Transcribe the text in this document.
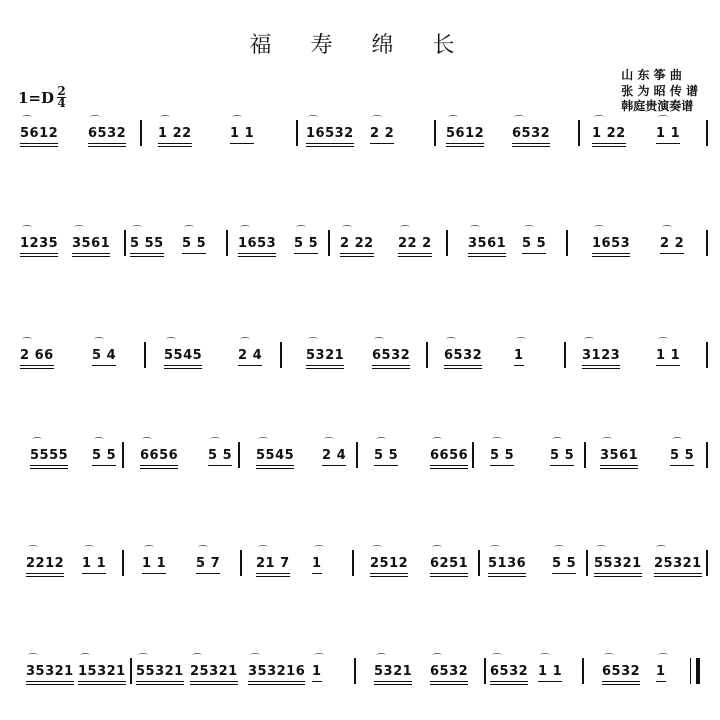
福 寿 绵 长
$1=D \frac{2}{4}$
山 东 筝 曲
张 为 昭 传 谱
韩庭贵演奏谱
⌒
5612
⌒
6532
⌒
1 22
⌒
1 1
⌒
16532
⌒
2 2
⌒
5612
⌒
6532
⌒
1 22
⌒
1 1
⌒
1235
⌒
3561
⌒
5 55
⌒
5 5
⌒
1653
⌒
5 5
⌒
2 22
⌒
22 2
⌒
3561
⌒
5 5
⌒
1653
⌒
2 2
⌒
2 66
⌒
5 4
⌒
5545
⌒
2 4
⌒
5321
⌒
6532
⌒
6532
⌒
1
⌒
3123
⌒
1 1
⌒
5555
⌒
5 5
⌒
6656
⌒
5 5
⌒
5545
⌒
2 4
⌒
5 5
⌒
6656
⌒
5 5
⌒
5 5
⌒
3561
⌒
5 5
⌒
2212
⌒
1 1
⌒
1 1
⌒
5 7
⌒
21 7
⌒
1
⌒
2512
⌒
6251
⌒
5136
⌒
5 5
⌒
55321
⌒
25321
⌒
35321
⌒
15321
⌒
55321
⌒
25321
⌒
353216
⌒
1
⌒
5321
⌒
6532
⌒
6532
⌒
1 1
⌒
6532
⌒
1
